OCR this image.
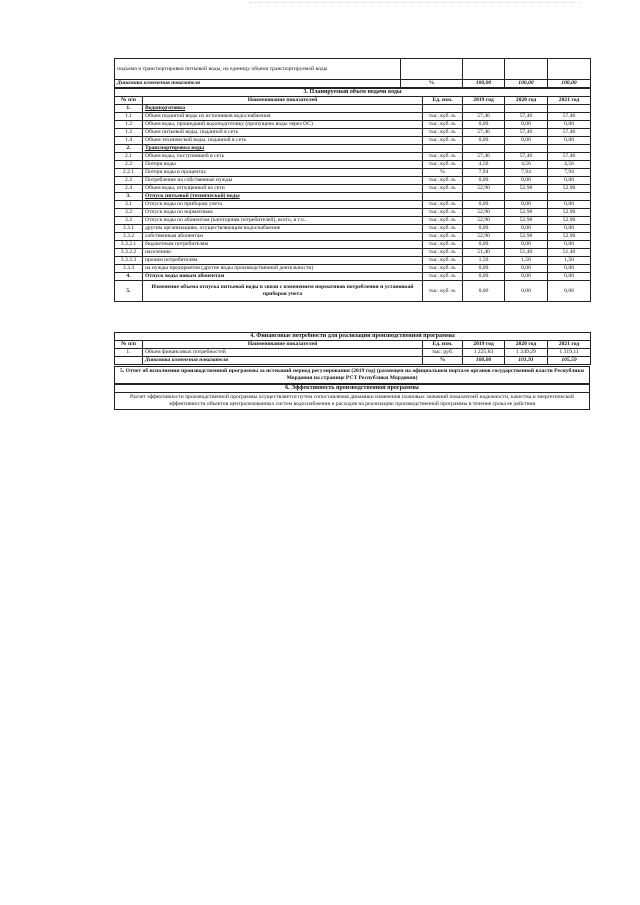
подъема и транспортировки питьевой воды, на единицу объема транспортируемой воды				
Динамика изменения показателя	%	100,00	100,00	100,00
3. Планируемый объем подачи воды					
№ п/п	Наименование показателей	Ед. изм.	2019 год	2020 год	2021 год
1.	Водоподготовка				
1.1	Объем поднятой воды из источников водоснабжения	тыс. куб. м.	57,46	57,46	57,46
1.2	Объем воды, прошедший водоподготовку (пропущено воды через ОС)	тыс. куб. м.	0,00	0,00	0,00
1.3	Объем питьевой воды, поданной в сеть	тыс. куб. м.	57,46	57,46	57,46
1.4	Объем технической воды, поданной в сеть	тыс. куб. м.	0,00	0,00	0,00
2.	Транспортировка воды				
2.1	Объем воды, поступившей в сеть	тыс. куб. м.	57,46	57,46	57,46
2.2	Потери воды	тыс. куб. м.	4,56	4,56	4,56
2.2.1	Потери воды в процентах	%	7,94	7,94	7,94
2.3	Потребление на собственные нужды	тыс. куб. м.	0,00	0,00	0,00
2.4	Объем воды, отпущенной из сети	тыс. куб. м.	52,90	52,90	52,90
3.	Отпуск питьевой (технической) воды				
3.1	Отпуск воды по приборам учета	тыс. куб. м.	0,00	0,00	0,00
3.2	Отпуск воды по нормативам	тыс. куб. м.	52,90	52,90	52,90
3.3	Отпуск воды по абонентам (категориям потребителей), всего, в т.ч.:	тыс. куб. м.	52,90	52,90	52,90
3.3.1	другим организациям, осуществляющим водоснабжение	тыс. куб. м.	0,00	0,00	0,00
3.3.2	собственным абонентам	тыс. куб. м.	52,90	52,90	52,90
3.3.2.1	бюджетным потребителям	тыс. куб. м.	0,00	0,00	0,00
3.3.2.2	населению	тыс. куб. м.	51,40	51,40	51,40
3.3.2.3	прочим потребителям	тыс. куб. м.	1,50	1,50	1,50
3.3.3	на нужды предприятия (другие виды производственной деятельности)	тыс. куб. м.	0,00	0,00	0,00
4.	Отпуск воды новым абонентам	тыс. куб. м.	0,00	0,00	0,00
5.	Изменение объема отпуска питьевой воды в связи с изменением нормативов потребления и установкой приборов учета	тыс. куб. м.	0,00	0,00	0,00
4. Финансовые потребности для реализации производственной программы					
№ п/п	Наименование показателей	Ед. изм.	2019 год	2020 год	2021 год
1.	Объем финансовых потребностей	тыс. руб.	1 225,83	1 249,29	1 319,11
	Динамика изменения показателя	%	100,00	101,91	105,59
5. Отчет об исполнении производственной программы за истекший период регулирования (2019 год) (размещен на официальном портале органов государственной власти Республики Мордовия на странице РСТ Республики Мордовия)
6. Эффективность производственной программы
Расчет эффективности производственной программы осуществляется путем сопоставления динамики изменения плановых значений показателей надежности, качества и энергетической эффективности объектов централизованных систем водоснабжения и расходов на реализацию производственной программы в течение срока ее действия
